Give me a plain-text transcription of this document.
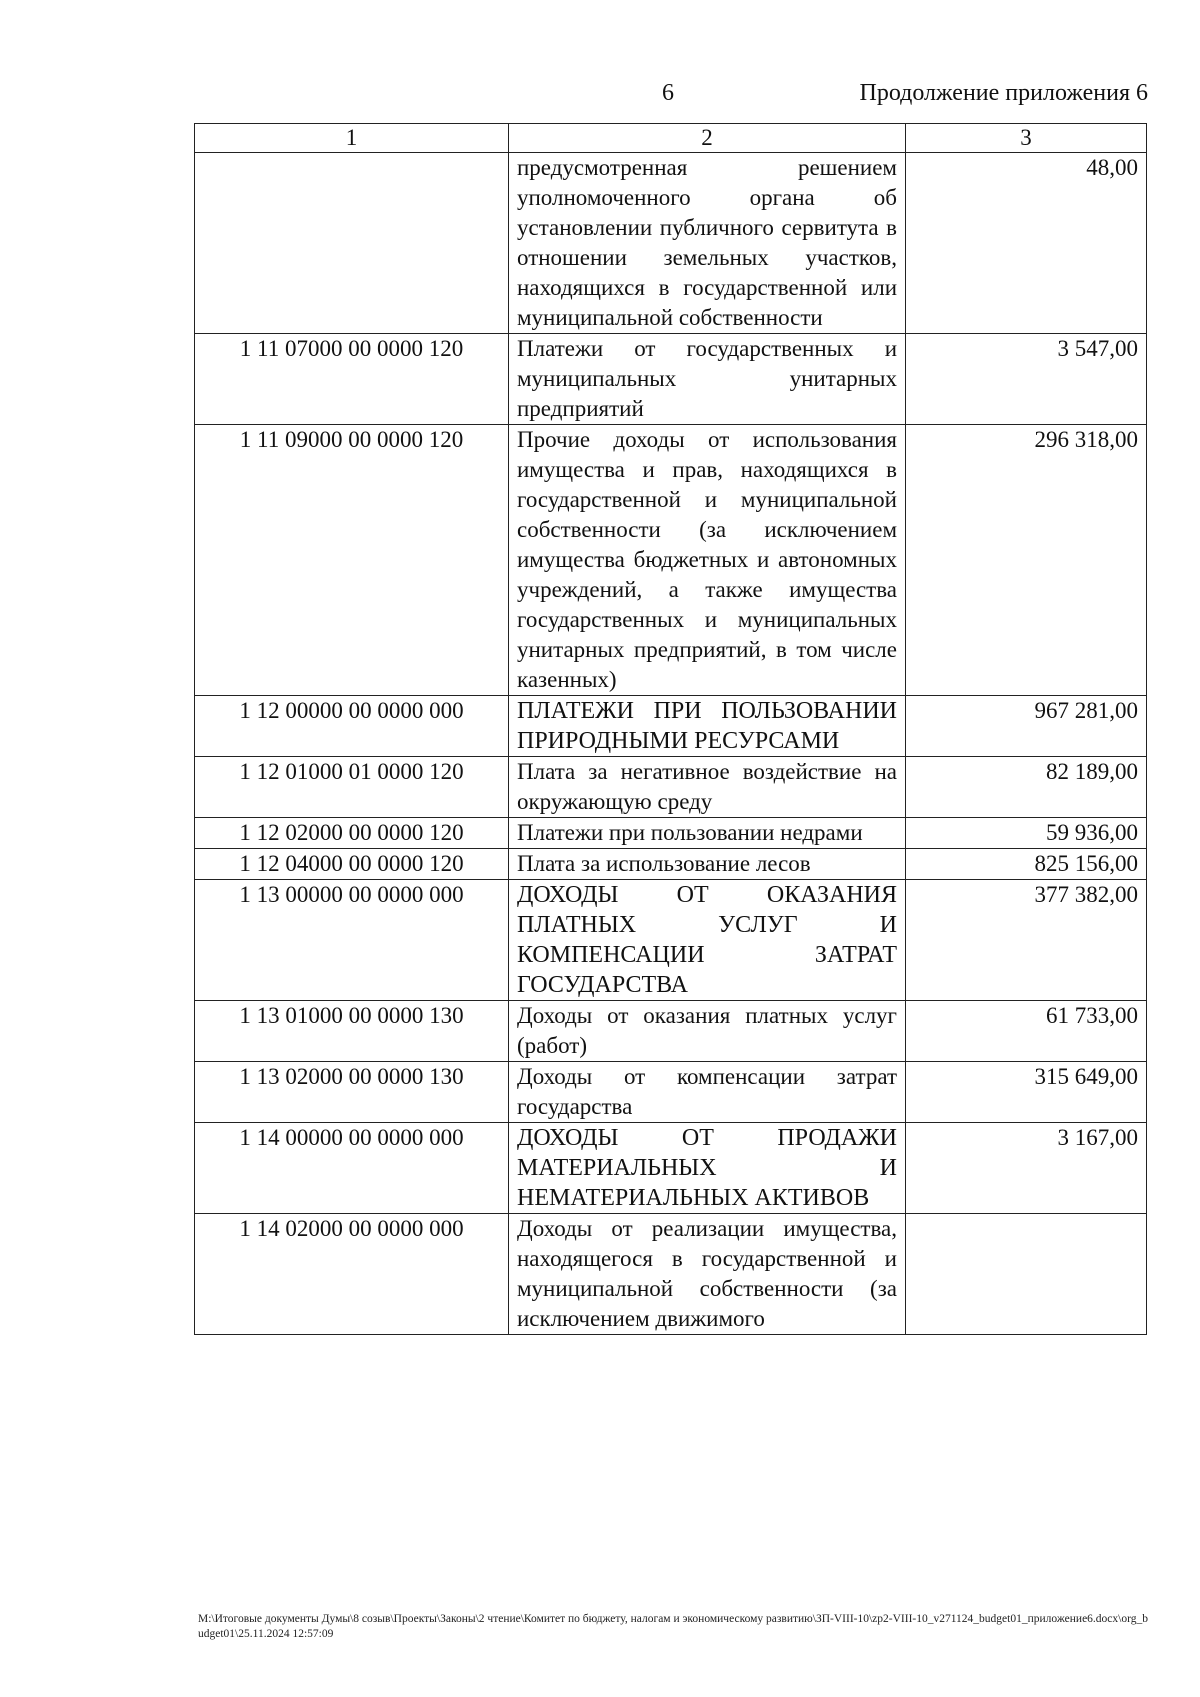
6	Продолжение приложения 6
1	2	3
	предусмотренная решением уполномоченного органа об установлении публичного сервитута в отношении земельных участков, находящихся в государственной или муниципальной собственности	48,00
1 11 07000 00 0000 120	Платежи от государственных и муниципальных унитарных предприятий	3 547,00
1 11 09000 00 0000 120	Прочие доходы от использования имущества и прав, находящихся в государственной и муниципальной собственности (за исключением имущества бюджетных и автономных учреждений, а также имущества государственных и муниципальных унитарных предприятий, в том числе казенных)	296 318,00
1 12 00000 00 0000 000	ПЛАТЕЖИ ПРИ ПОЛЬЗОВАНИИ ПРИРОДНЫМИ РЕСУРСАМИ	967 281,00
1 12 01000 01 0000 120	Плата за негативное воздействие на окружающую среду	82 189,00
1 12 02000 00 0000 120	Платежи при пользовании недрами	59 936,00
1 12 04000 00 0000 120	Плата за использование лесов	825 156,00
1 13 00000 00 0000 000	ДОХОДЫ ОТ ОКАЗАНИЯ ПЛАТНЫХ УСЛУГ И КОМПЕНСАЦИИ ЗАТРАТ ГОСУДАРСТВА	377 382,00
1 13 01000 00 0000 130	Доходы от оказания платных услуг (работ)	61 733,00
1 13 02000 00 0000 130	Доходы от компенсации затрат государства	315 649,00
1 14 00000 00 0000 000	ДОХОДЫ ОТ ПРОДАЖИ МАТЕРИАЛЬНЫХ И НЕМАТЕРИАЛЬНЫХ АКТИВОВ	3 167,00
1 14 02000 00 0000 000	Доходы от реализации имущества, находящегося в государственной и муниципальной собственности (за исключением движимого	
M:\Итоговые документы Думы\8 созыв\Проекты\Законы\2 чтение\Комитет по бюджету, налогам и экономическому развитию\ЗП-VIII-10\zp2-VIII-10_v271124_budget01_приложение6.docx\org_budget01\25.11.2024 12:57:09
